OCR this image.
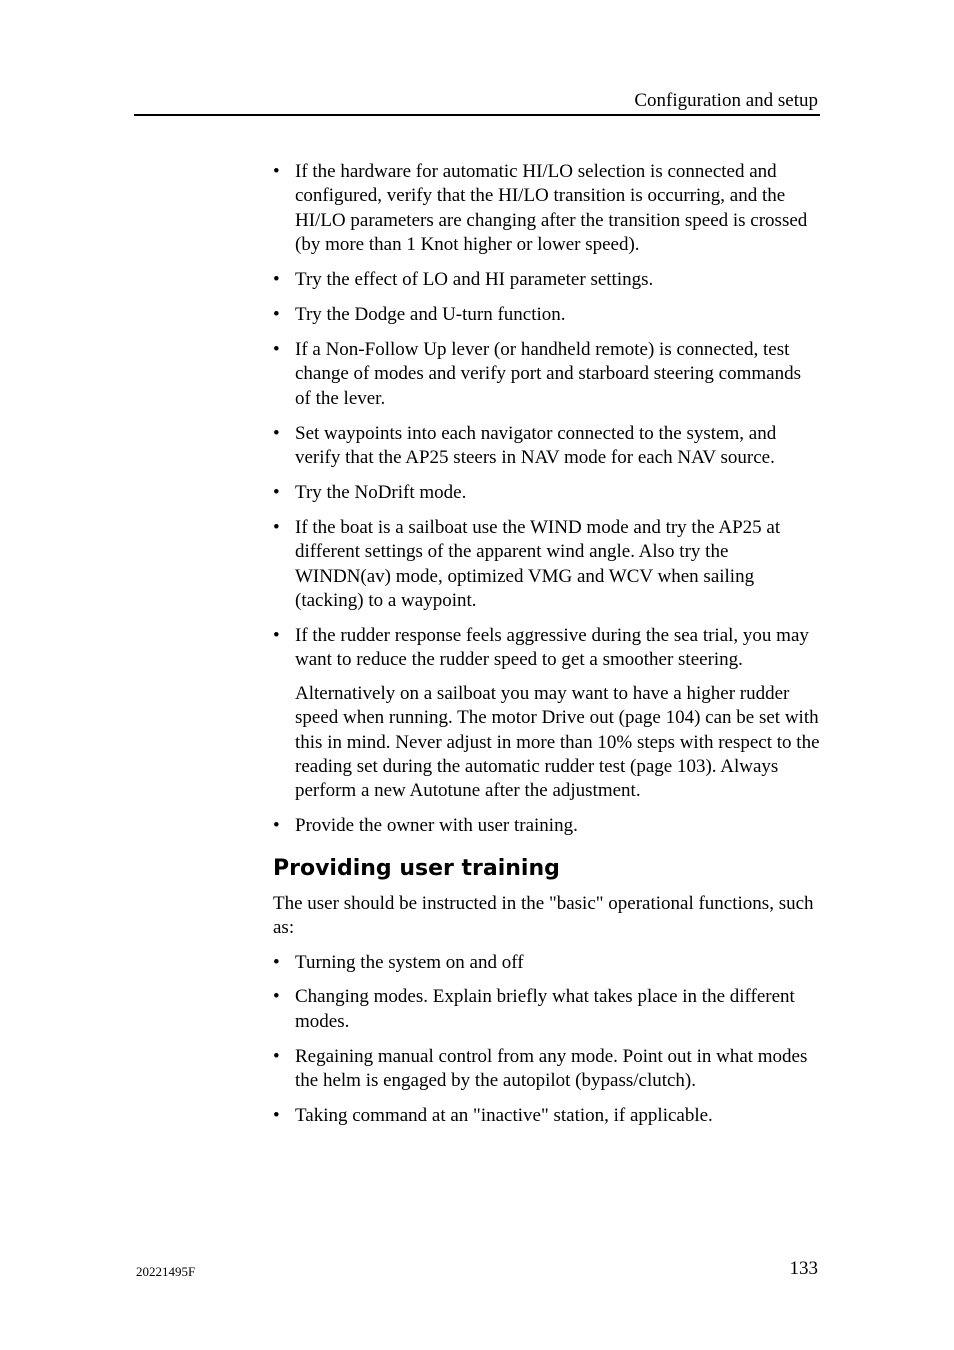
Configuration and setup
• If the hardware for automatic HI/LO selection is connected and configured, verify that the HI/LO transition is occurring, and the HI/LO parameters are changing after the transition speed is crossed (by more than 1 Knot higher or lower speed).
• Try the effect of LO and HI parameter settings.
• Try the Dodge and U-turn function.
• If a Non-Follow Up lever (or handheld remote) is connected, test change of modes and verify port and starboard steering commands of the lever.
• Set waypoints into each navigator connected to the system, and verify that the AP25 steers in NAV mode for each NAV source.
• Try the NoDrift mode.
• If the boat is a sailboat use the WIND mode and try the AP25 at different settings of the apparent wind angle. Also try the WINDN(av) mode, optimized VMG and WCV when sailing (tacking) to a waypoint.
• If the rudder response feels aggressive during the sea trial, you may want to reduce the rudder speed to get a smoother steering.
Alternatively on a sailboat you may want to have a higher rudder speed when running. The motor Drive out (page 104) can be set with this in mind. Never adjust in more than 10% steps with respect to the reading set during the automatic rudder test (page 103). Always perform a new Autotune after the adjustment.
• Provide the owner with user training.
Providing user training

The user should be instructed in the "basic" operational functions, such as:

• Turning the system on and off
• Changing modes. Explain briefly what takes place in the different modes.
• Regaining manual control from any mode. Point out in what modes the helm is engaged by the autopilot (bypass/clutch).
• Taking command at an "inactive" station, if applicable.
20221495F	133
